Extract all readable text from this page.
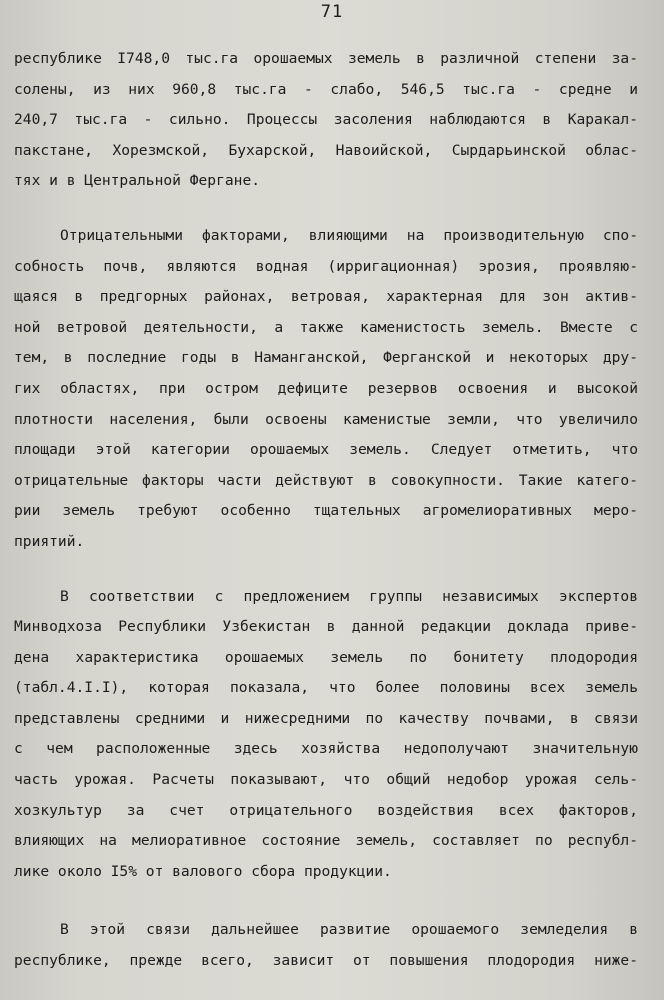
71
республике I748,0 тыс.га орошаемых земель в различной степени за-
солены, из них 960,8 тыс.га - слабо, 546,5 тыс.га - средне и
240,7 тыс.га - сильно. Процессы засоления наблюдаются в Каракал-
пакстане, Хорезмской, Бухарской, Навоийской, Сырдарьинской облас-
тях и в Центральной Фергане.
Отрицательными факторами, влияющими на производительную спо-
собность почв, являются водная (ирригационная) эрозия, проявляю-
щаяся в предгорных районах, ветровая, характерная для зон актив-
ной ветровой деятельности, а также каменистость земель. Вместе с
тем, в последние годы в Наманганской, Ферганской и некоторых дру-
гих областях, при остром дефиците резервов освоения и высокой
плотности населения, были освоены каменистые земли, что увеличило
площади этой категории орошаемых земель. Следует отметить, что
отрицательные факторы части действуют в совокупности. Такие катего-
рии земель требуют особенно тщательных агромелиоративных меро-
приятий.
В соответствии с предложением группы независимых экспертов
Минводхоза Республики Узбекистан в данной редакции доклада приве-
дена характеристика орошаемых земель по бонитету плодородия
(табл.4.I.I), которая показала, что более половины всех земель
представлены средними и нижесредними по качеству почвами, в связи
с чем расположенные здесь хозяйства недополучают значительную
часть урожая. Расчеты показывают, что общий недобор урожая сель-
хозкультур за счет отрицательного воздействия всех факторов,
влияющих на мелиоративное состояние земель, составляет по республ-
лике около I5% от валового сбора продукции.
В этой связи дальнейшее развитие орошаемого земледелия в
республике, прежде всего, зависит от повышения плодородия ниже-
